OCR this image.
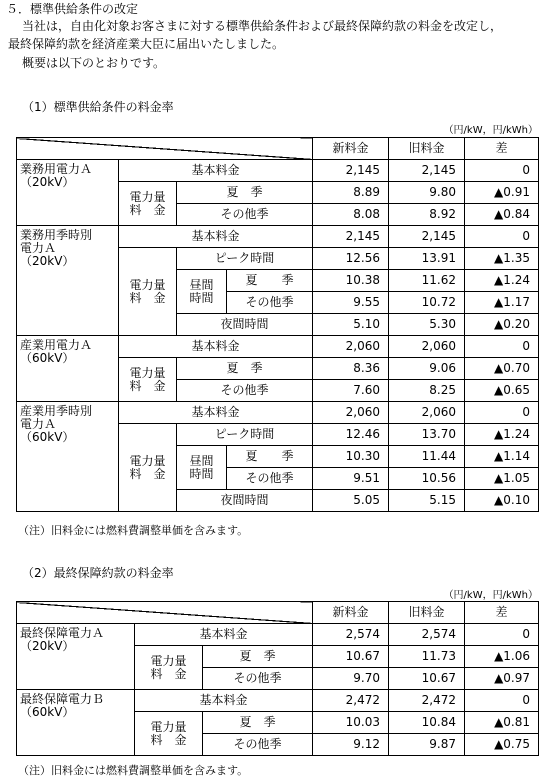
５．標準供給条件の改定
当社は，自由化対象お客さまに対する標準供給条件および最終保障約款の料金を改定し，
最終保障約款を経済産業大臣に届出いたしました。
概要は以下のとおりです。
（1）標準供給条件の料金率
（円/kW，円/kWh）
				新料金	旧料金	差

業務用電力Ａ
（20kV）	基本料金			2,145	2,145	0

	電力量
料　金	夏　季		8.89	9.80	▲0.91
		その他季		8.08	8.92	▲0.84

業務用季時別
電力Ａ
（20kV）	基本料金			2,145	2,145	0

	電力量
料　金	ピーク時間		12.56	13.91	▲1.35

		昼間
時間	夏　　季	10.38	11.62	▲1.24
			その他季	9.55	10.72	▲1.17
		夜間時間		5.10	5.30	▲0.20

産業用電力Ａ
（60kV）	基本料金			2,060	2,060	0

	電力量
料　金	夏　季		8.36	9.06	▲0.70
		その他季		7.60	8.25	▲0.65

産業用季時別
電力Ａ
（60kV）	基本料金			2,060	2,060	0

	電力量
料　金	ピーク時間		12.46	13.70	▲1.24

		昼間
時間	夏　　季	10.30	11.44	▲1.14
			その他季	9.51	10.56	▲1.05
		夜間時間		5.05	5.15	▲0.10
（注）旧料金には燃料費調整単価を含みます。
（2）最終保障約款の料金率
（円/kW，円/kWh）
			新料金	旧料金	差

最終保障電力Ａ
（20kV）	基本料金		2,574	2,574	0

	電力量
料　金	夏　季	10.67	11.73	▲1.06
		その他季	9.70	10.67	▲0.97

最終保障電力Ｂ
（60kV）	基本料金		2,472	2,472	0

	電力量
料　金	夏　季	10.03	10.84	▲0.81
		その他季	9.12	9.87	▲0.75
（注）旧料金には燃料費調整単価を含みます。
